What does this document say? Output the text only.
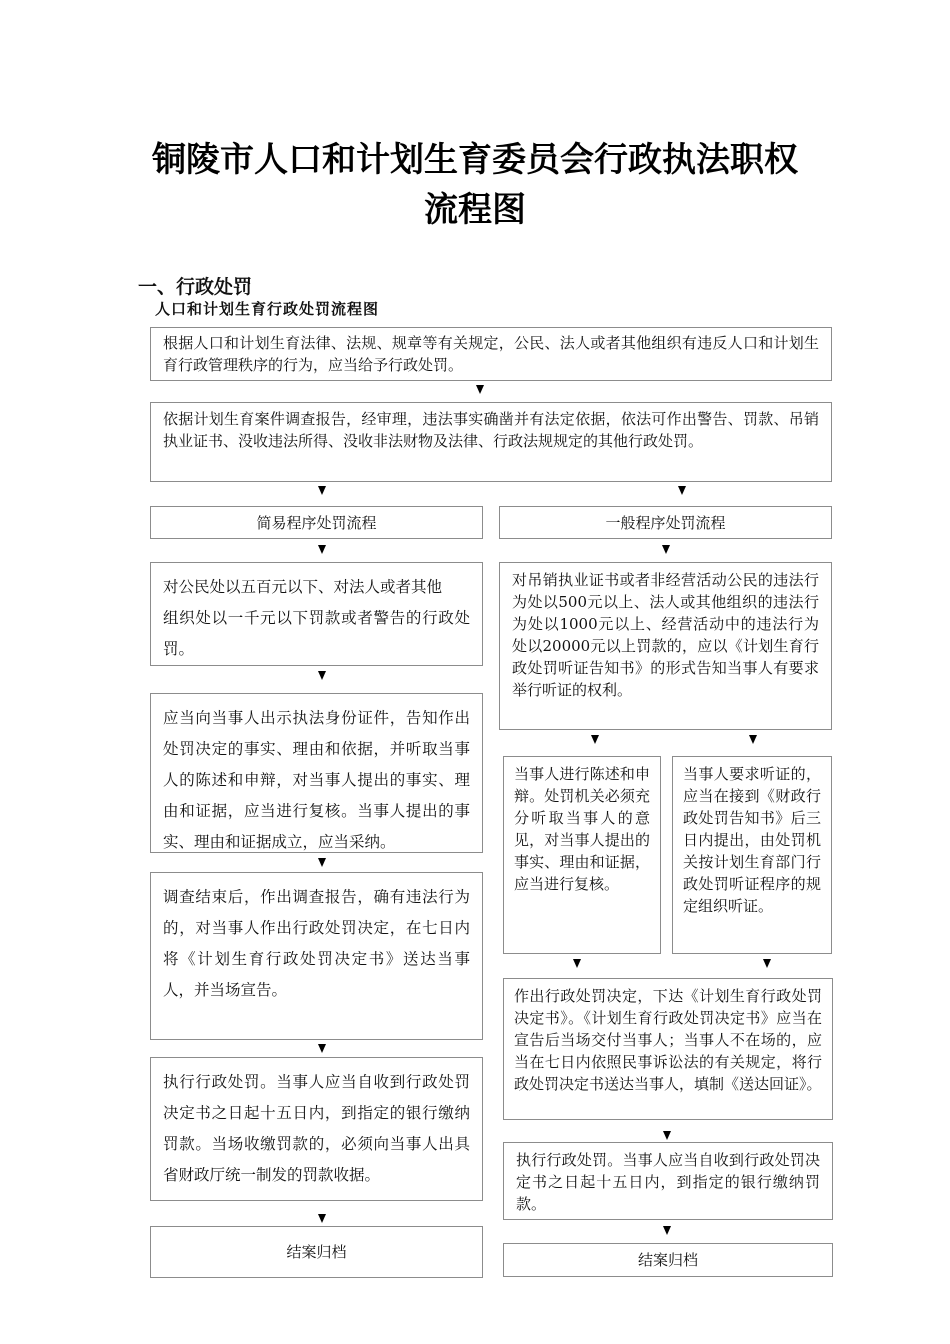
铜陵市人口和计划生育委员会行政执法职权
流程图
一、行政处罚
人口和计划生育行政处罚流程图
根据人口和计划生育法律、法规、规章等有关规定，公民、法人或者其他组织有违反人口和计划生育行政管理秩序的行为，应当给予行政处罚。
依据计划生育案件调查报告，经审理，违法事实确凿并有法定依据，依法可作出警告、罚款、吊销执业证书、没收违法所得、没收非法财物及法律、行政法规规定的其他行政处罚。
简易程序处罚流程	一般程序处罚流程
对公民处以五百元以下、对法人或者其他
组织处以一千元以下罚款或者警告的行政处罚。
应当向当事人出示执法身份证件，告知作出处罚决定的事实、理由和依据，并听取当事人的陈述和申辩，对当事人提出的事实、理由和证据，应当进行复核。当事人提出的事实、理由和证据成立，应当采纳。
调查结束后，作出调查报告，确有违法行为的，对当事人作出行政处罚决定，在七日内将《计划生育行政处罚决定书》送达当事人，并当场宣告。
执行行政处罚。当事人应当自收到行政处罚决定书之日起十五日内，到指定的银行缴纳罚款。当场收缴罚款的，必须向当事人出具省财政厅统一制发的罚款收据。
结案归档
对吊销执业证书或者非经营活动公民的违法行为处以500元以上、法人或其他组织的违法行为处以1000元以上、经营活动中的违法行为处以20000元以上罚款的，应以《计划生育行政处罚听证告知书》的形式告知当事人有要求举行听证的权利。
当事人进行陈述和申辩。处罚机关必须充分听取当事人的意见，对当事人提出的事实、理由和证据，应当进行复核。
当事人要求听证的，应当在接到《财政行政处罚告知书》后三日内提出，由处罚机关按计划生育部门行政处罚听证程序的规定组织听证。
作出行政处罚决定，下达《计划生育行政处罚决定书》。《计划生育行政处罚决定书》应当在宣告后当场交付当事人；当事人不在场的，应当在七日内依照民事诉讼法的有关规定，将行政处罚决定书送达当事人，填制《送达回证》。
执行行政处罚。当事人应当自收到行政处罚决定书之日起十五日内，到指定的银行缴纳罚款。
结案归档
